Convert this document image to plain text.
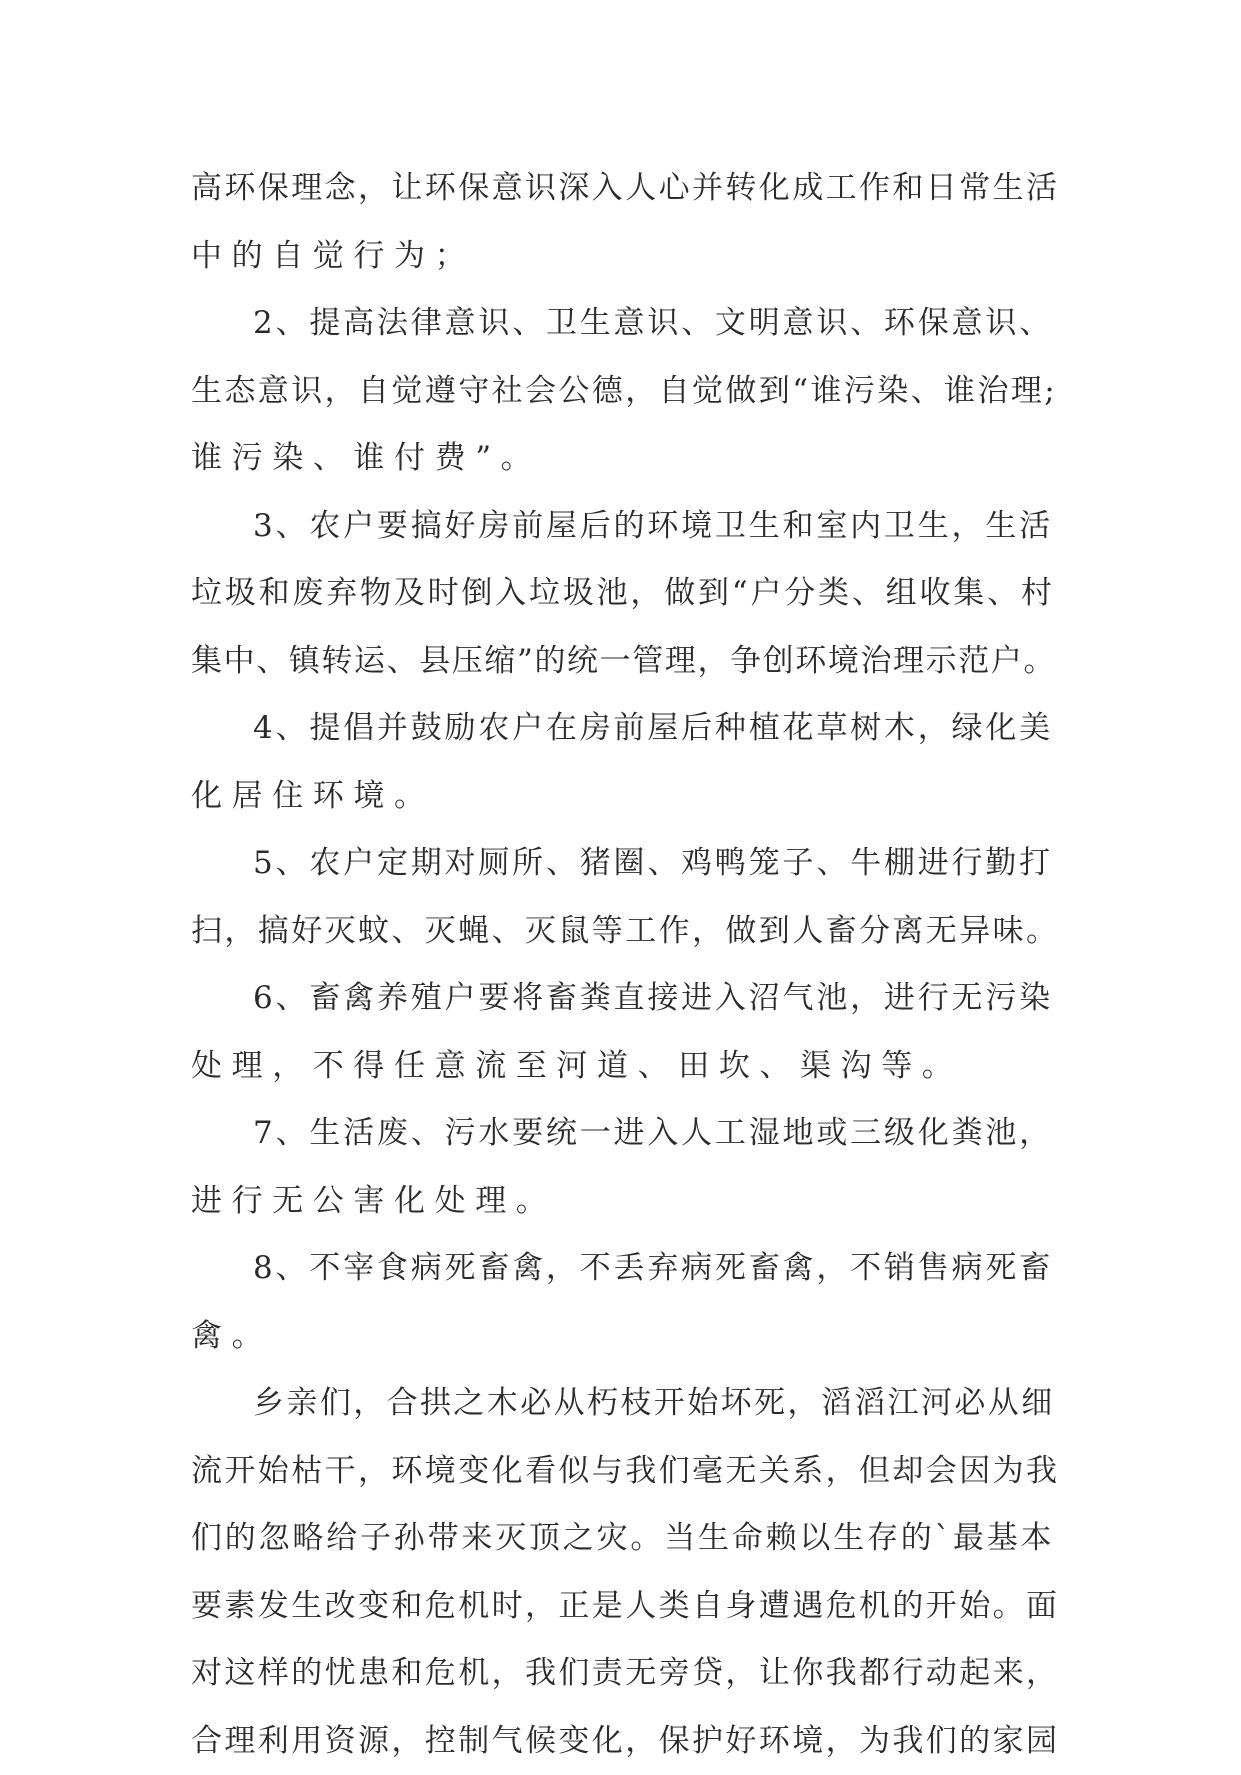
高环保理念，让环保意识深入人心并转化成工作和日常生活
中的自觉行为；
2、提高法律意识、卫生意识、文明意识、环保意识、
生态意识，自觉遵守社会公德，自觉做到“谁污染、谁治理;
谁污染、谁付费”。
3、农户要搞好房前屋后的环境卫生和室内卫生，生活
垃圾和废弃物及时倒入垃圾池，做到“户分类、组收集、村
集中、镇转运、县压缩”的统一管理，争创环境治理示范户。
4、提倡并鼓励农户在房前屋后种植花草树木，绿化美
化居住环境。
5、农户定期对厕所、猪圈、鸡鸭笼子、牛棚进行勤打
扫，搞好灭蚊、灭蝇、灭鼠等工作，做到人畜分离无异味。
6、畜禽养殖户要将畜粪直接进入沼气池，进行无污染
处理，不得任意流至河道、田坎、渠沟等。
7、生活废、污水要统一进入人工湿地或三级化粪池，
进行无公害化处理。
8、不宰食病死畜禽，不丢弃病死畜禽，不销售病死畜
禽。
乡亲们，合拱之木必从朽枝开始坏死，滔滔江河必从细
流开始枯干，环境变化看似与我们毫无关系，但却会因为我
们的忽略给子孙带来灭顶之灾。当生命赖以生存的`最基本
要素发生改变和危机时，正是人类自身遭遇危机的开始。面
对这样的忧患和危机，我们责无旁贷，让你我都行动起来，
合理利用资源，控制气候变化，保护好环境，为我们的家园
